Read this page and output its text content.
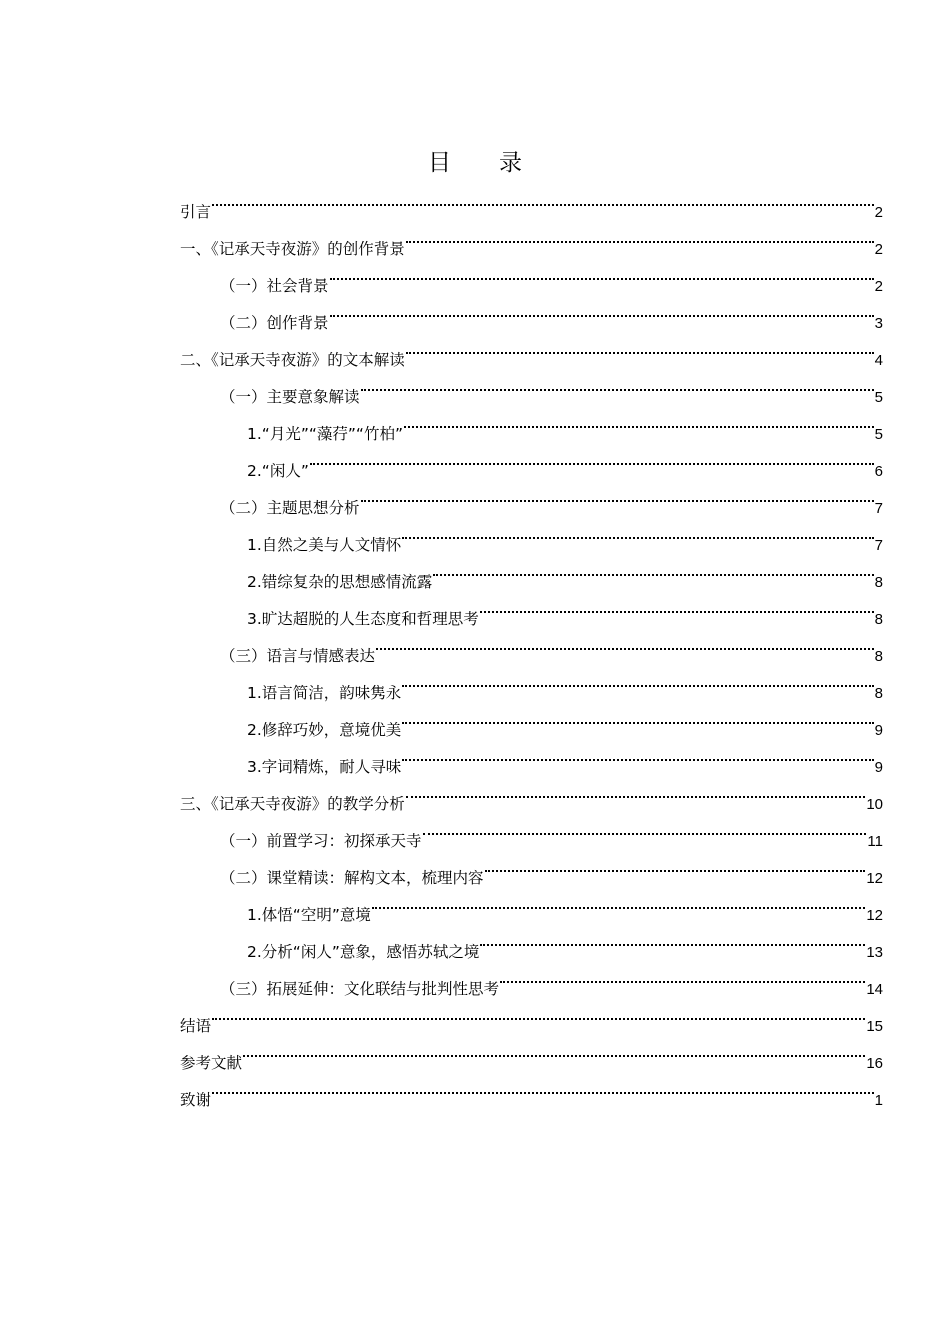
目 录
引言	2
一、《记承天寺夜游》的创作背景	2
（一）社会背景	2
（二）创作背景	3
二、《记承天寺夜游》的文本解读	4
（一）主要意象解读	5
1.“月光”“藻荇”“竹柏”	5
2.“闲人”	6
（二）主题思想分析	7
1.自然之美与人文情怀	7
2.错综复杂的思想感情流露	8
3.旷达超脱的人生态度和哲理思考	8
（三）语言与情感表达	8
1.语言简洁，韵味隽永	8
2.修辞巧妙，意境优美	9
3.字词精炼，耐人寻味	9
三、《记承天寺夜游》的教学分析	10
（一）前置学习：初探承天寺	11
（二）课堂精读：解构文本，梳理内容	12
1.体悟“空明”意境	12
2.分析“闲人”意象，感悟苏轼之境	13
（三）拓展延伸：文化联结与批判性思考	14
结语	15
参考文献	16
致谢	1
